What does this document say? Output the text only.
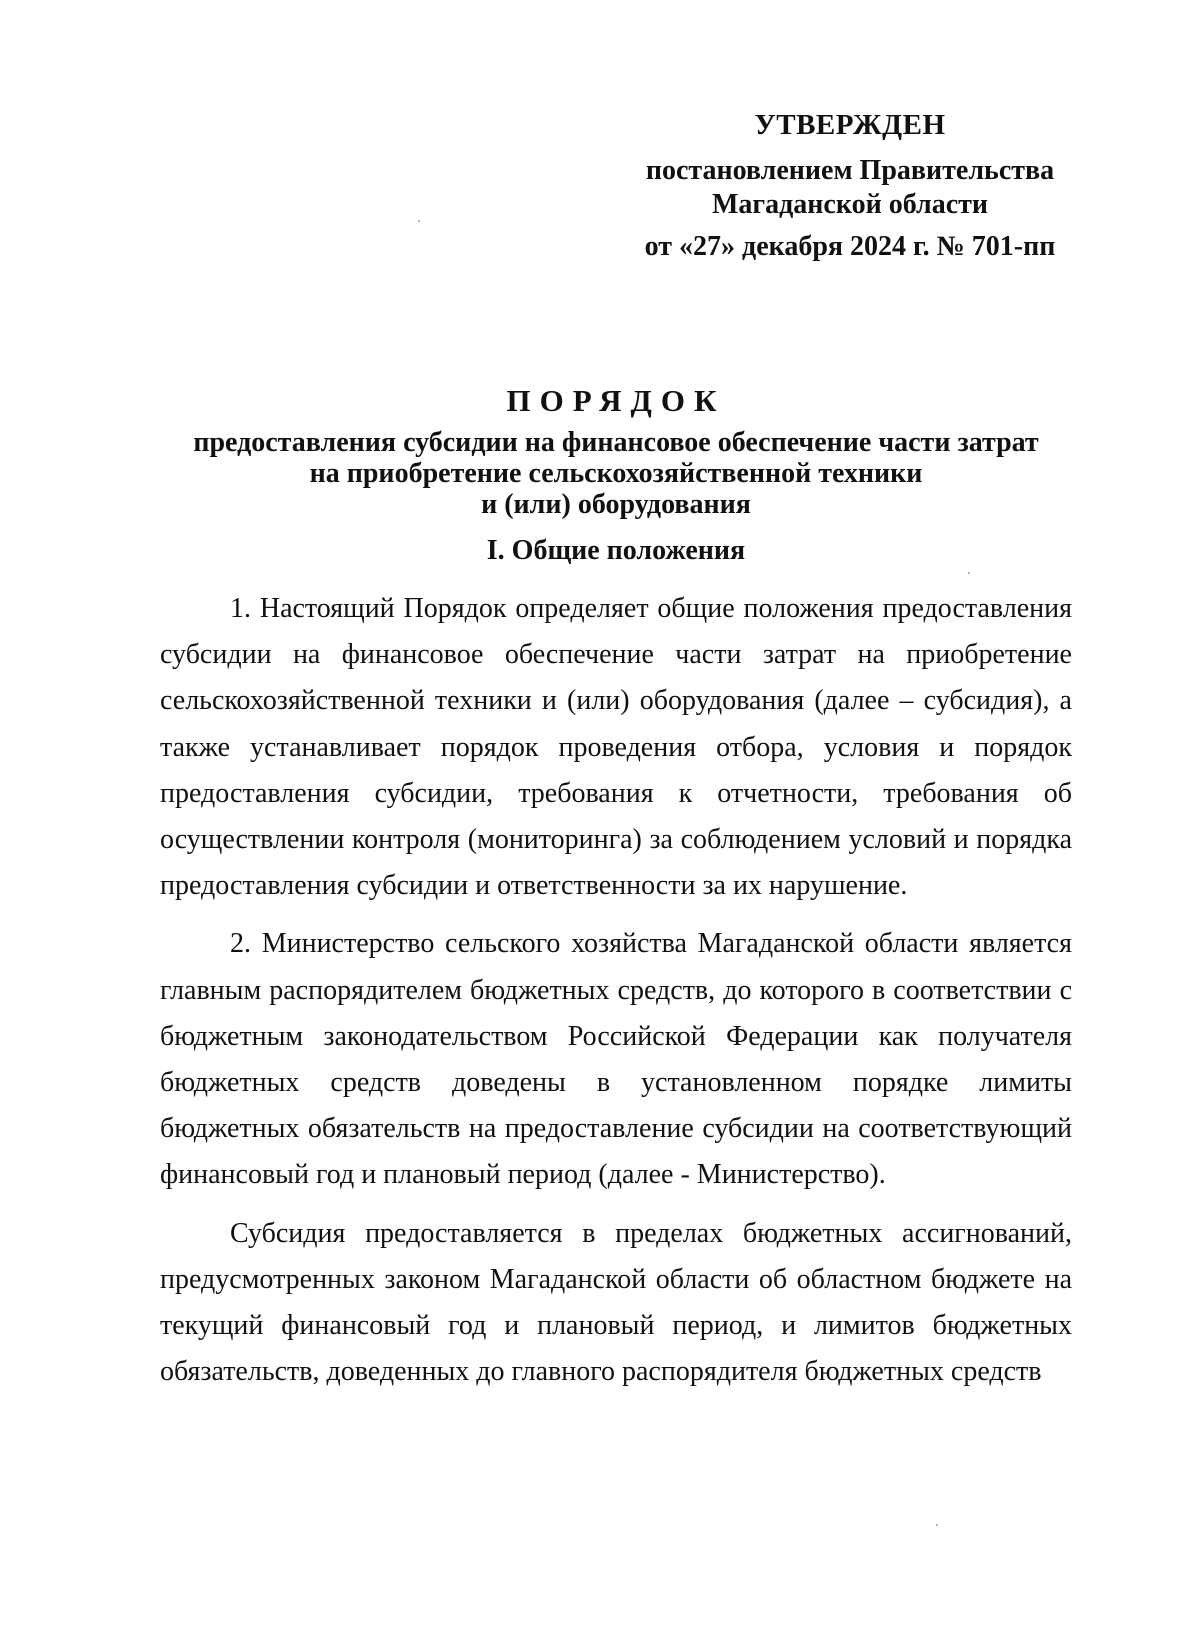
УТВЕРЖДЕН
постановлением Правительства
Магаданской области
от «27» декабря 2024 г. № 701-пп
ПОРЯДОК
предоставления субсидии на финансовое обеспечение части затрат
на приобретение сельскохозяйственной техники
и (или) оборудования
I. Общие положения

1. Настоящий Порядок определяет общие положения предоставления субсидии на финансовое обеспечение части затрат на приобретение сельскохозяйственной техники и (или) оборудования (далее – субсидия), а также устанавливает порядок проведения отбора, условия и порядок предоставления субсидии, требования к отчетности, требования об осуществлении контроля (мониторинга) за соблюдением условий и порядка предоставления субсидии и ответственности за их нарушение.

2. Министерство сельского хозяйства Магаданской области является главным распорядителем бюджетных средств, до которого в соответствии с бюджетным законодательством Российской Федерации как получателя бюджетных средств доведены в установленном порядке лимиты бюджетных обязательств на предоставление субсидии на соответствующий финансовый год и плановый период (далее - Министерство).

Субсидия предоставляется в пределах бюджетных ассигнований, предусмотренных законом Магаданской области об областном бюджете на текущий финансовый год и плановый период, и лимитов бюджетных обязательств, доведенных до главного распорядителя бюджетных средств
